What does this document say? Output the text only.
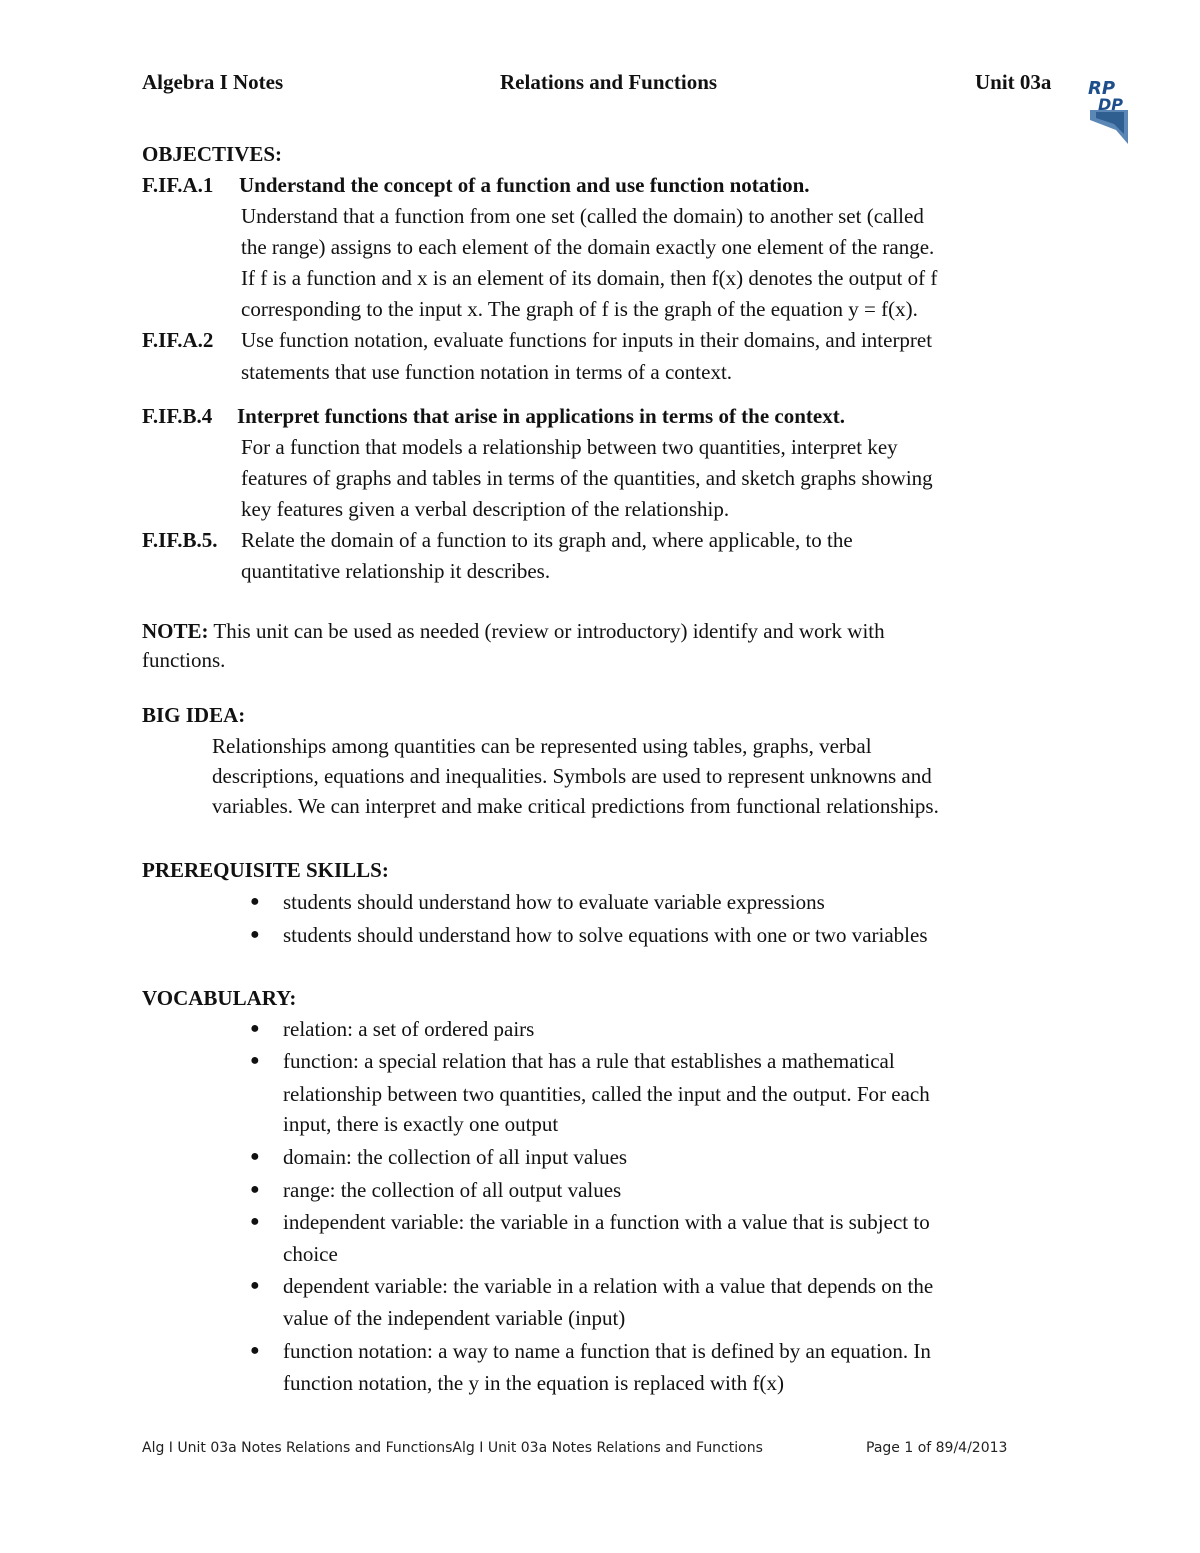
Algebra I Notes	Relations and Functions	Unit 03a RP
DP
OBJECTIVES:
F.IF.A.1 Understand the concept of a function and use function notation.
Understand that a function from one set (called the domain) to another set (called
the range) assigns to each element of the domain exactly one element of the range.
If f is a function and x is an element of its domain, then f(x) denotes the output of f
corresponding to the input x. The graph of f is the graph of the equation y = f(x).
F.IF.A.2 Use function notation, evaluate functions for inputs in their domains, and interpret
statements that use function notation in terms of a context.
F.IF.B.4 Interpret functions that arise in applications in terms of the context.
For a function that models a relationship between two quantities, interpret key
features of graphs and tables in terms of the quantities, and sketch graphs showing
key features given a verbal description of the relationship.
F.IF.B.5. Relate the domain of a function to its graph and, where applicable, to the
quantitative relationship it describes.
NOTE: This unit can be used as needed (review or introductory) identify and work with
functions.
BIG IDEA:
Relationships among quantities can be represented using tables, graphs, verbal
descriptions, equations and inequalities. Symbols are used to represent unknowns and
variables. We can interpret and make critical predictions from functional relationships.
PREREQUISITE SKILLS:
● students should understand how to evaluate variable expressions
● students should understand how to solve equations with one or two variables
VOCABULARY:
● relation: a set of ordered pairs
● function: a special relation that has a rule that establishes a mathematical
relationship between two quantities, called the input and the output. For each
input, there is exactly one output
● domain: the collection of all input values
● range: the collection of all output values
● independent variable: the variable in a function with a value that is subject to
choice
● dependent variable: the variable in a relation with a value that depends on the
value of the independent variable (input)
● function notation: a way to name a function that is defined by an equation. In
function notation, the y in the equation is replaced with f(x)
Alg I Unit 03a Notes Relations and FunctionsAlg I Unit 03a Notes Relations and Functions	Page 1 of 89/4/2013
